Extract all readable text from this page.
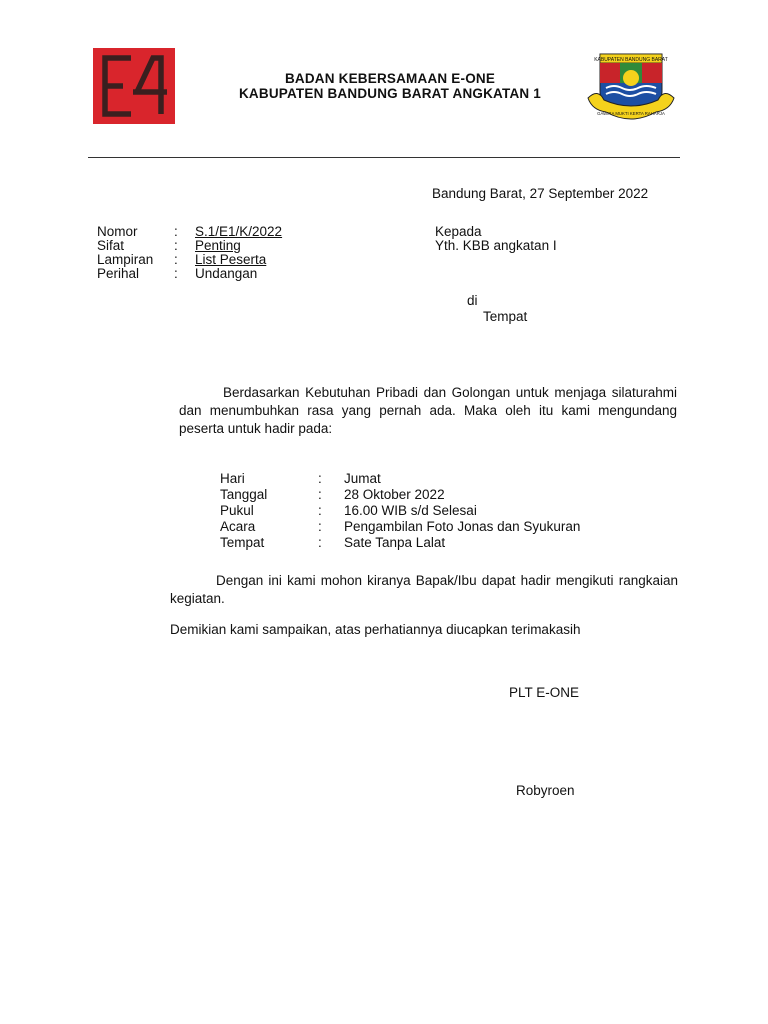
BADAN KEBERSAMAAN E-ONE
KABUPATEN BANDUNG BARAT ANGKATAN 1
KABUPATEN BANDUNG BARAT
GAWIRA MUKTI KERTA RAHARJA
Bandung Barat, 27 September 2022
Nomor
Sifat
Lampiran
Perihal
:
:
:
:
S.1/E1/K/2022
Penting
List Peserta
Undangan
Kepada
Yth. KBB angkatan I
di
Tempat
Berdasarkan Kebutuhan Pribadi dan Golongan untuk menjaga silaturahmi dan menumbuhkan rasa yang pernah ada. Maka oleh itu kami mengundang peserta untuk hadir pada:
Hari
Tanggal
Pukul
Acara
Tempat
:
:
:
:
:
Jumat
28 Oktober 2022
16.00 WIB s/d Selesai
Pengambilan Foto Jonas dan Syukuran
Sate Tanpa Lalat
Dengan ini kami mohon kiranya Bapak/Ibu dapat hadir mengikuti rangkaian kegiatan.
Demikian kami sampaikan, atas perhatiannya diucapkan terimakasih
PLT E-ONE
Robyroen
